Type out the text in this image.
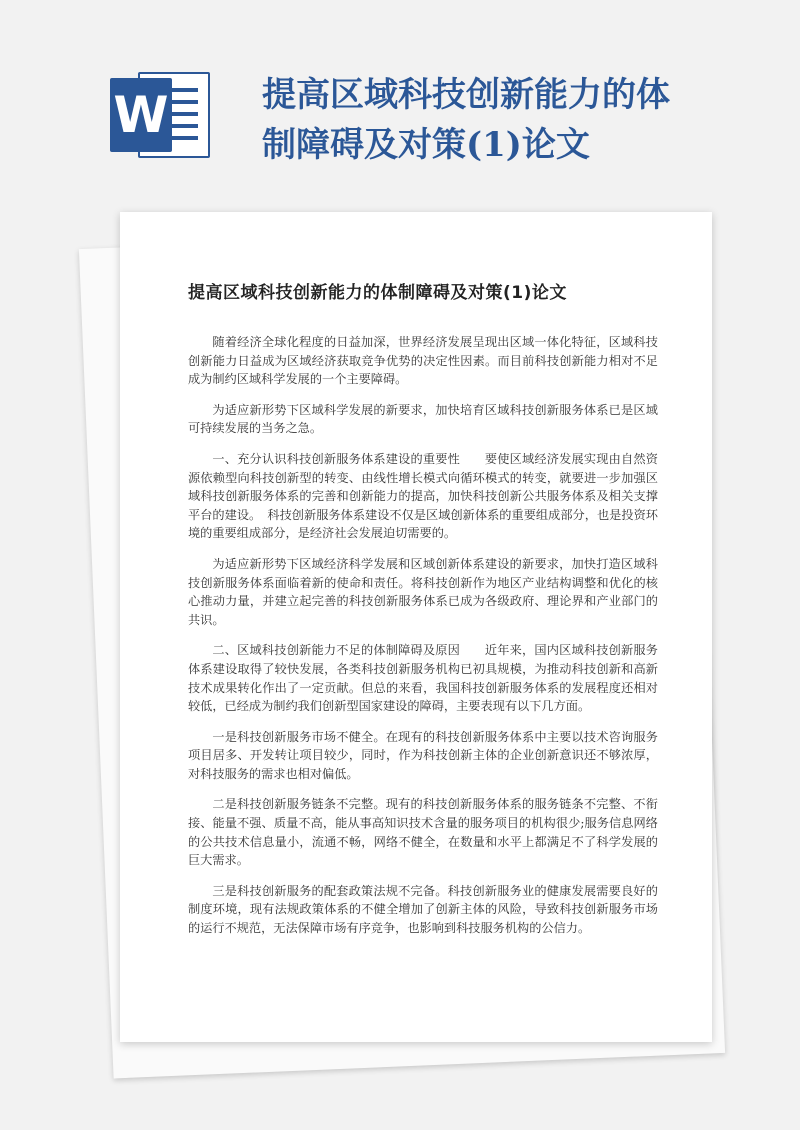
W	提高区域科技创新能力的体制障碍及对策(1)论文
提高区域科技创新能力的体制障碍及对策(1)论文

随着经济全球化程度的日益加深，世界经济发展呈现出区域一体化特征，区域科技创新能力日益成为区域经济获取竞争优势的决定性因素。而目前科技创新能力相对不足成为制约区域科学发展的一个主要障碍。

为适应新形势下区域科学发展的新要求，加快培育区域科技创新服务体系已是区域可持续发展的当务之急。

一、充分认识科技创新服务体系建设的重要性　　要使区域经济发展实现由自然资源依赖型向科技创新型的转变、由线性增长模式向循环模式的转变，就要进一步加强区域科技创新服务体系的完善和创新能力的提高，加快科技创新公共服务体系及相关支撑平台的建设。　科技创新服务体系建设不仅是区域创新体系的重要组成部分，也是投资环境的重要组成部分，是经济社会发展迫切需要的。

为适应新形势下区域经济科学发展和区域创新体系建设的新要求，加快打造区域科技创新服务体系面临着新的使命和责任。将科技创新作为地区产业结构调整和优化的核心推动力量，并建立起完善的科技创新服务体系已成为各级政府、理论界和产业部门的共识。

二、区域科技创新能力不足的体制障碍及原因　　近年来，国内区域科技创新服务体系建设取得了较快发展，各类科技创新服务机构已初具规模，为推动科技创新和高新技术成果转化作出了一定贡献。但总的来看，我国科技创新服务体系的发展程度还相对较低，已经成为制约我们创新型国家建设的障碍，主要表现有以下几方面。

一是科技创新服务市场不健全。在现有的科技创新服务体系中主要以技术咨询服务项目居多、开发转让项目较少，同时，作为科技创新主体的企业创新意识还不够浓厚，对科技服务的需求也相对偏低。

二是科技创新服务链条不完整。现有的科技创新服务体系的服务链条不完整、不衔接、能量不强、质量不高，能从事高知识技术含量的服务项目的机构很少;服务信息网络的公共技术信息量小，流通不畅，网络不健全，在数量和水平上都满足不了科学发展的巨大需求。

三是科技创新服务的配套政策法规不完备。科技创新服务业的健康发展需要良好的制度环境，现有法规政策体系的不健全增加了创新主体的风险，导致科技创新服务市场的运行不规范，无法保障市场有序竞争，也影响到科技服务机构的公信力。
